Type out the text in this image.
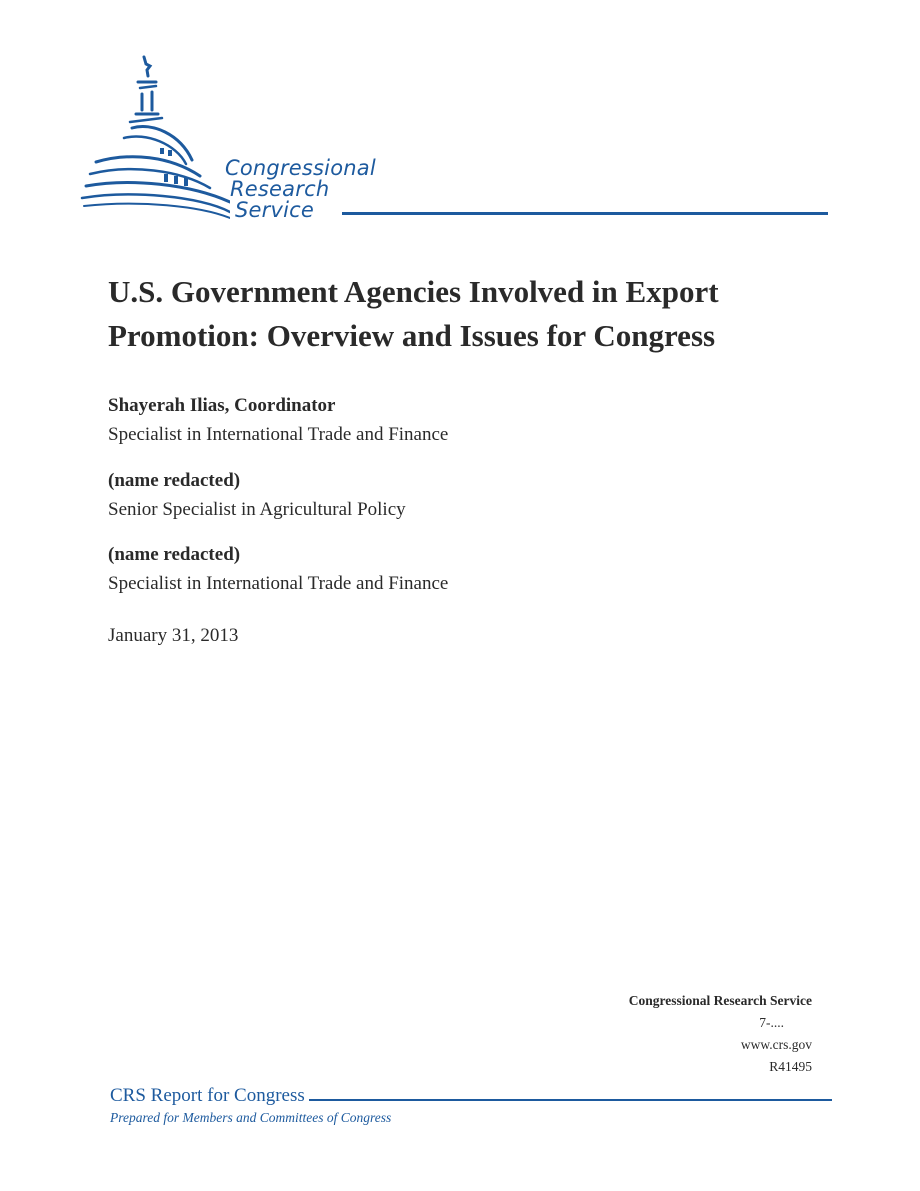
Congressional
Research
Service
U.S. Government Agencies Involved in Export Promotion: Overview and Issues for Congress
Shayerah Ilias, Coordinator
Specialist in International Trade and Finance
(name redacted)
Senior Specialist in Agricultural Policy
(name redacted)
Specialist in International Trade and Finance
January 31, 2013
Congressional Research Service
7-....
www.crs.gov
R41495
CRS Report for Congress
Prepared for Members and Committees of Congress
